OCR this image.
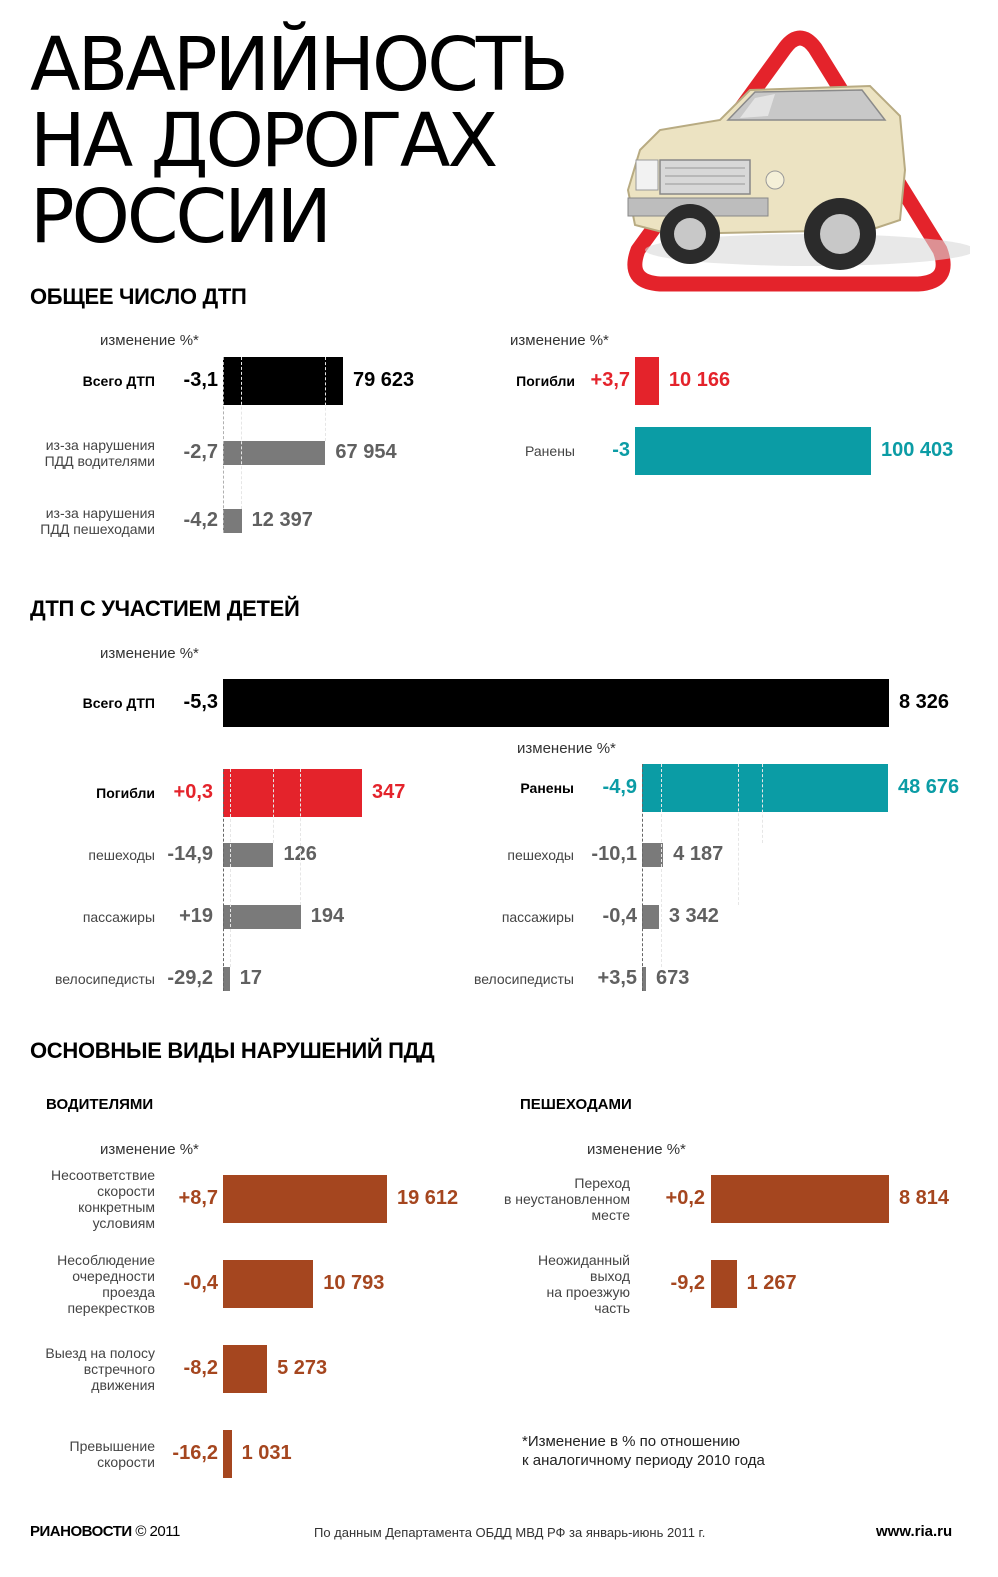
АВАРИЙНОСТЬ
НА ДОРОГАХ
РОССИИ
ОБЩЕЕ ЧИСЛО ДТП
ДТП С УЧАСТИЕМ ДЕТЕЙ
ОСНОВНЫЕ ВИДЫ НАРУШЕНИЙ ПДД
ВОДИТЕЛЯМИ	ПЕШЕХОДАМИ
изменение %*	изменение %*
изменение %*
изменение %*
изменение %*	изменение %*
Всего ДТП	-3,1	79 623
из-за нарушения
ПДД водителями	-2,7	67 954
из-за нарушения
ПДД пешеходами	-4,2 12 397
Погибли +3,7 10 166
Ранены	-3	100 403
Всего ДТП	-5,3	8 326
Погибли +0,3	347
пешеходы -14,9	126
пассажиры	+19	194
велосипедисты -29,2 17
Ранены	-4,9	48 676
пешеходы -10,1 4 187
пассажиры	-0,4 3 342
велосипедисты	+3,5 673
Несоответствие
скорости
конкретным
условиям
+8,7	19 612
Несоблюдение
очередности
проезда
перекрестков
-0,4	10 793
Выезд на полосу
встречного
движения
-8,2	5 273
Превышение
скорости -16,2 1 031
Переход
в неустановленном
месте
+0,2	8 814
Неожиданный
выход
на проезжую
часть
-9,2 1 267
*Изменение в % по отношению
к аналогичному периоду 2010 года
РИАНОВОСТИ © 2011	По данным Департамента ОБДД МВД РФ за январь-июнь 2011 г.	www.ria.ru
